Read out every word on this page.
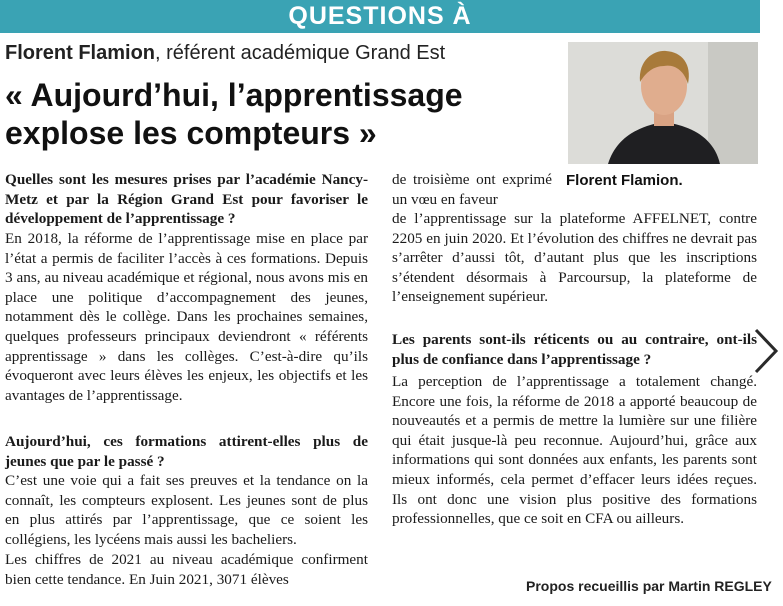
QUESTIONS À
Florent Flamion, référent académique Grand Est
« Aujourd’hui, l’apprentissage explose les compteurs »
Florent Flamion.
Quelles sont les mesures prises par l’académie Nancy-Metz et par la Région Grand Est pour favoriser le développement de l’apprentissage ?
En 2018, la réforme de l’apprentissage mise en place par l’état a permis de faciliter l’accès à ces formations. Depuis 3 ans, au niveau académique et régional, nous avons mis en place une politique d’accompagnement des jeunes, notamment dès le collège. Dans les prochaines semaines, quelques professeurs principaux deviendront « référents apprentissage » dans les collèges. C’est-à-dire qu’ils évoqueront avec leurs élèves les enjeux, les objectifs et les avantages de l’apprentissage.
Aujourd’hui, ces formations attirent-elles plus de jeunes que par le passé ?
C’est une voie qui a fait ses preuves et la tendance on la connaît, les compteurs explosent. Les jeunes sont de plus en plus attirés par l’apprentissage, que ce soient les collégiens, les lycéens mais aussi les bacheliers.
Les chiffres de 2021 au niveau académique confirment bien cette tendance. En Juin 2021, 3071 élèves
de troisième ont exprimé un vœu en faveur
de l’apprentissage sur la plateforme AFFELNET, contre 2205 en juin 2020. Et l’évolution des chiffres ne devrait pas s’arrêter d’aussi tôt, d’autant plus que les inscriptions s’étendent désormais à Parcoursup, la plateforme de l’enseignement supérieur.
Les parents sont-ils réticents ou au contraire, ont-ils plus de confiance dans l’apprentissage ?
La perception de l’apprentissage a totalement changé. Encore une fois, la réforme de 2018 a apporté beaucoup de nouveautés et a permis de mettre la lumière sur une filière qui était jusque-là peu reconnue. Aujourd’hui, grâce aux informations qui sont données aux enfants, les parents sont mieux informés, cela permet d’effacer leurs idées reçues. Ils ont donc une vision plus positive des formations professionnelles, que ce soit en CFA ou ailleurs.
Propos recueillis par Martin REGLEY
